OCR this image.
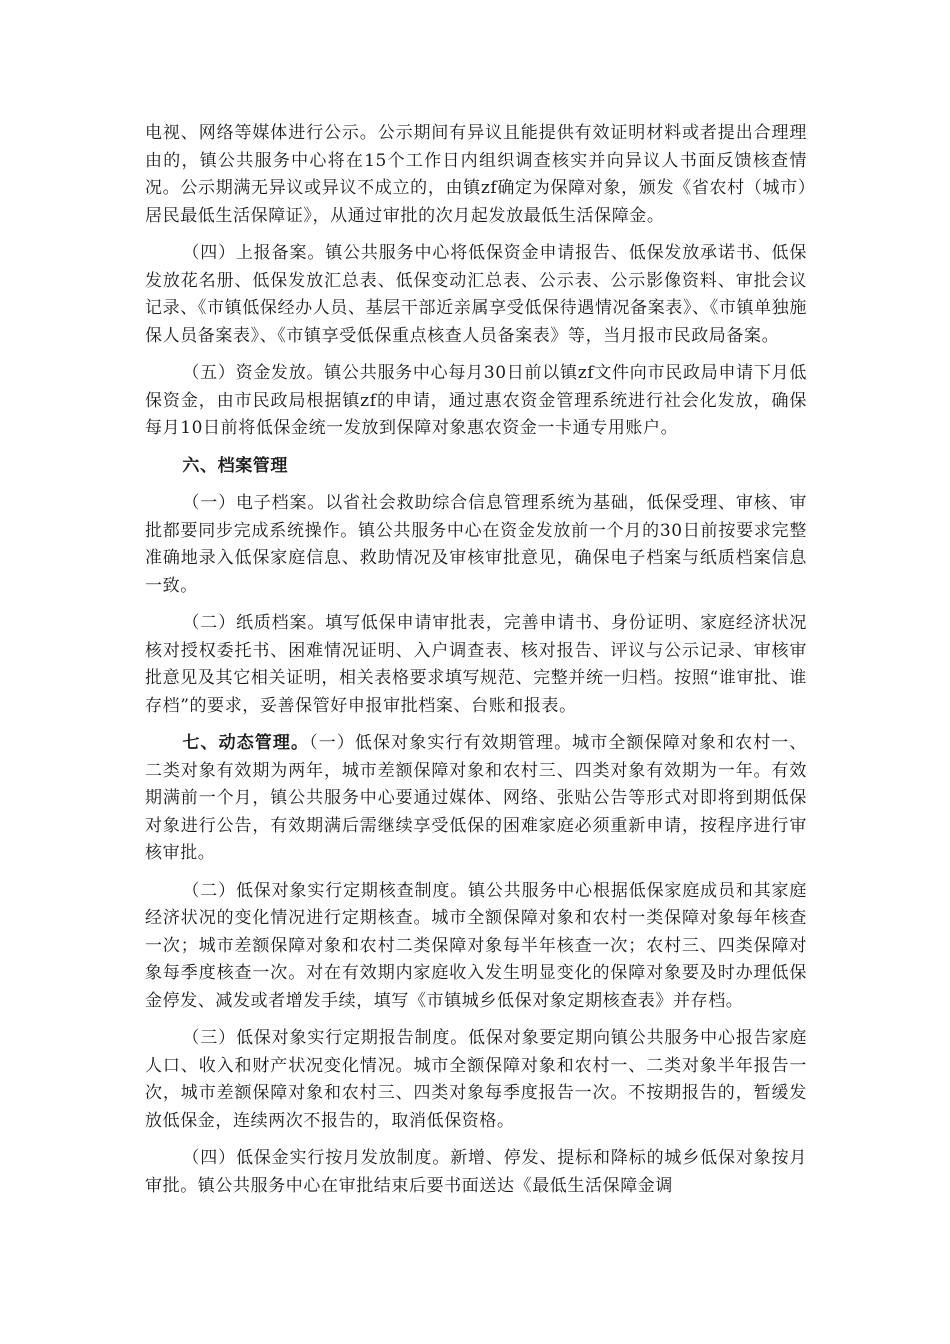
电视、网络等媒体进行公示。公示期间有异议且能提供有效证明材料或者提出合理理由的，镇公共服务中心将在15个工作日内组织调查核实并向异议人书面反馈核查情况。公示期满无异议或异议不成立的，由镇zf确定为保障对象，颁发《省农村（城市）居民最低生活保障证》，从通过审批的次月起发放最低生活保障金。

（四）上报备案。镇公共服务中心将低保资金申请报告、低保发放承诺书、低保发放花名册、低保发放汇总表、低保变动汇总表、公示表、公示影像资料、审批会议记录、《市镇低保经办人员、基层干部近亲属享受低保待遇情况备案表》、《市镇单独施保人员备案表》、《市镇享受低保重点核查人员备案表》等，当月报市民政局备案。

（五）资金发放。镇公共服务中心每月30日前以镇zf文件向市民政局申请下月低保资金，由市民政局根据镇zf的申请，通过惠农资金管理系统进行社会化发放，确保每月10日前将低保金统一发放到保障对象惠农资金一卡通专用账户。

六、档案管理

（一）电子档案。以省社会救助综合信息管理系统为基础，低保受理、审核、审批都要同步完成系统操作。镇公共服务中心在资金发放前一个月的30日前按要求完整准确地录入低保家庭信息、救助情况及审核审批意见，确保电子档案与纸质档案信息一致。

（二）纸质档案。填写低保申请审批表，完善申请书、身份证明、家庭经济状况核对授权委托书、困难情况证明、入户调查表、核对报告、评议与公示记录、审核审批意见及其它相关证明，相关表格要求填写规范、完整并统一归档。按照“谁审批、谁存档”的要求，妥善保管好申报审批档案、台账和报表。

七、动态管理。（一）低保对象实行有效期管理。城市全额保障对象和农村一、二类对象有效期为两年，城市差额保障对象和农村三、四类对象有效期为一年。有效期满前一个月，镇公共服务中心要通过媒体、网络、张贴公告等形式对即将到期低保对象进行公告，有效期满后需继续享受低保的困难家庭必须重新申请，按程序进行审核审批。

（二）低保对象实行定期核查制度。镇公共服务中心根据低保家庭成员和其家庭经济状况的变化情况进行定期核查。城市全额保障对象和农村一类保障对象每年核查一次；城市差额保障对象和农村二类保障对象每半年核查一次；农村三、四类保障对象每季度核查一次。对在有效期内家庭收入发生明显变化的保障对象要及时办理低保金停发、减发或者增发手续，填写《市镇城乡低保对象定期核查表》并存档。

（三）低保对象实行定期报告制度。低保对象要定期向镇公共服务中心报告家庭人口、收入和财产状况变化情况。城市全额保障对象和农村一、二类对象半年报告一次，城市差额保障对象和农村三、四类对象每季度报告一次。不按期报告的，暂缓发放低保金，连续两次不报告的，取消低保资格。

（四）低保金实行按月发放制度。新增、停发、提标和降标的城乡低保对象按月审批。镇公共服务中心在审批结束后要书面送达《最低生活保障金调
